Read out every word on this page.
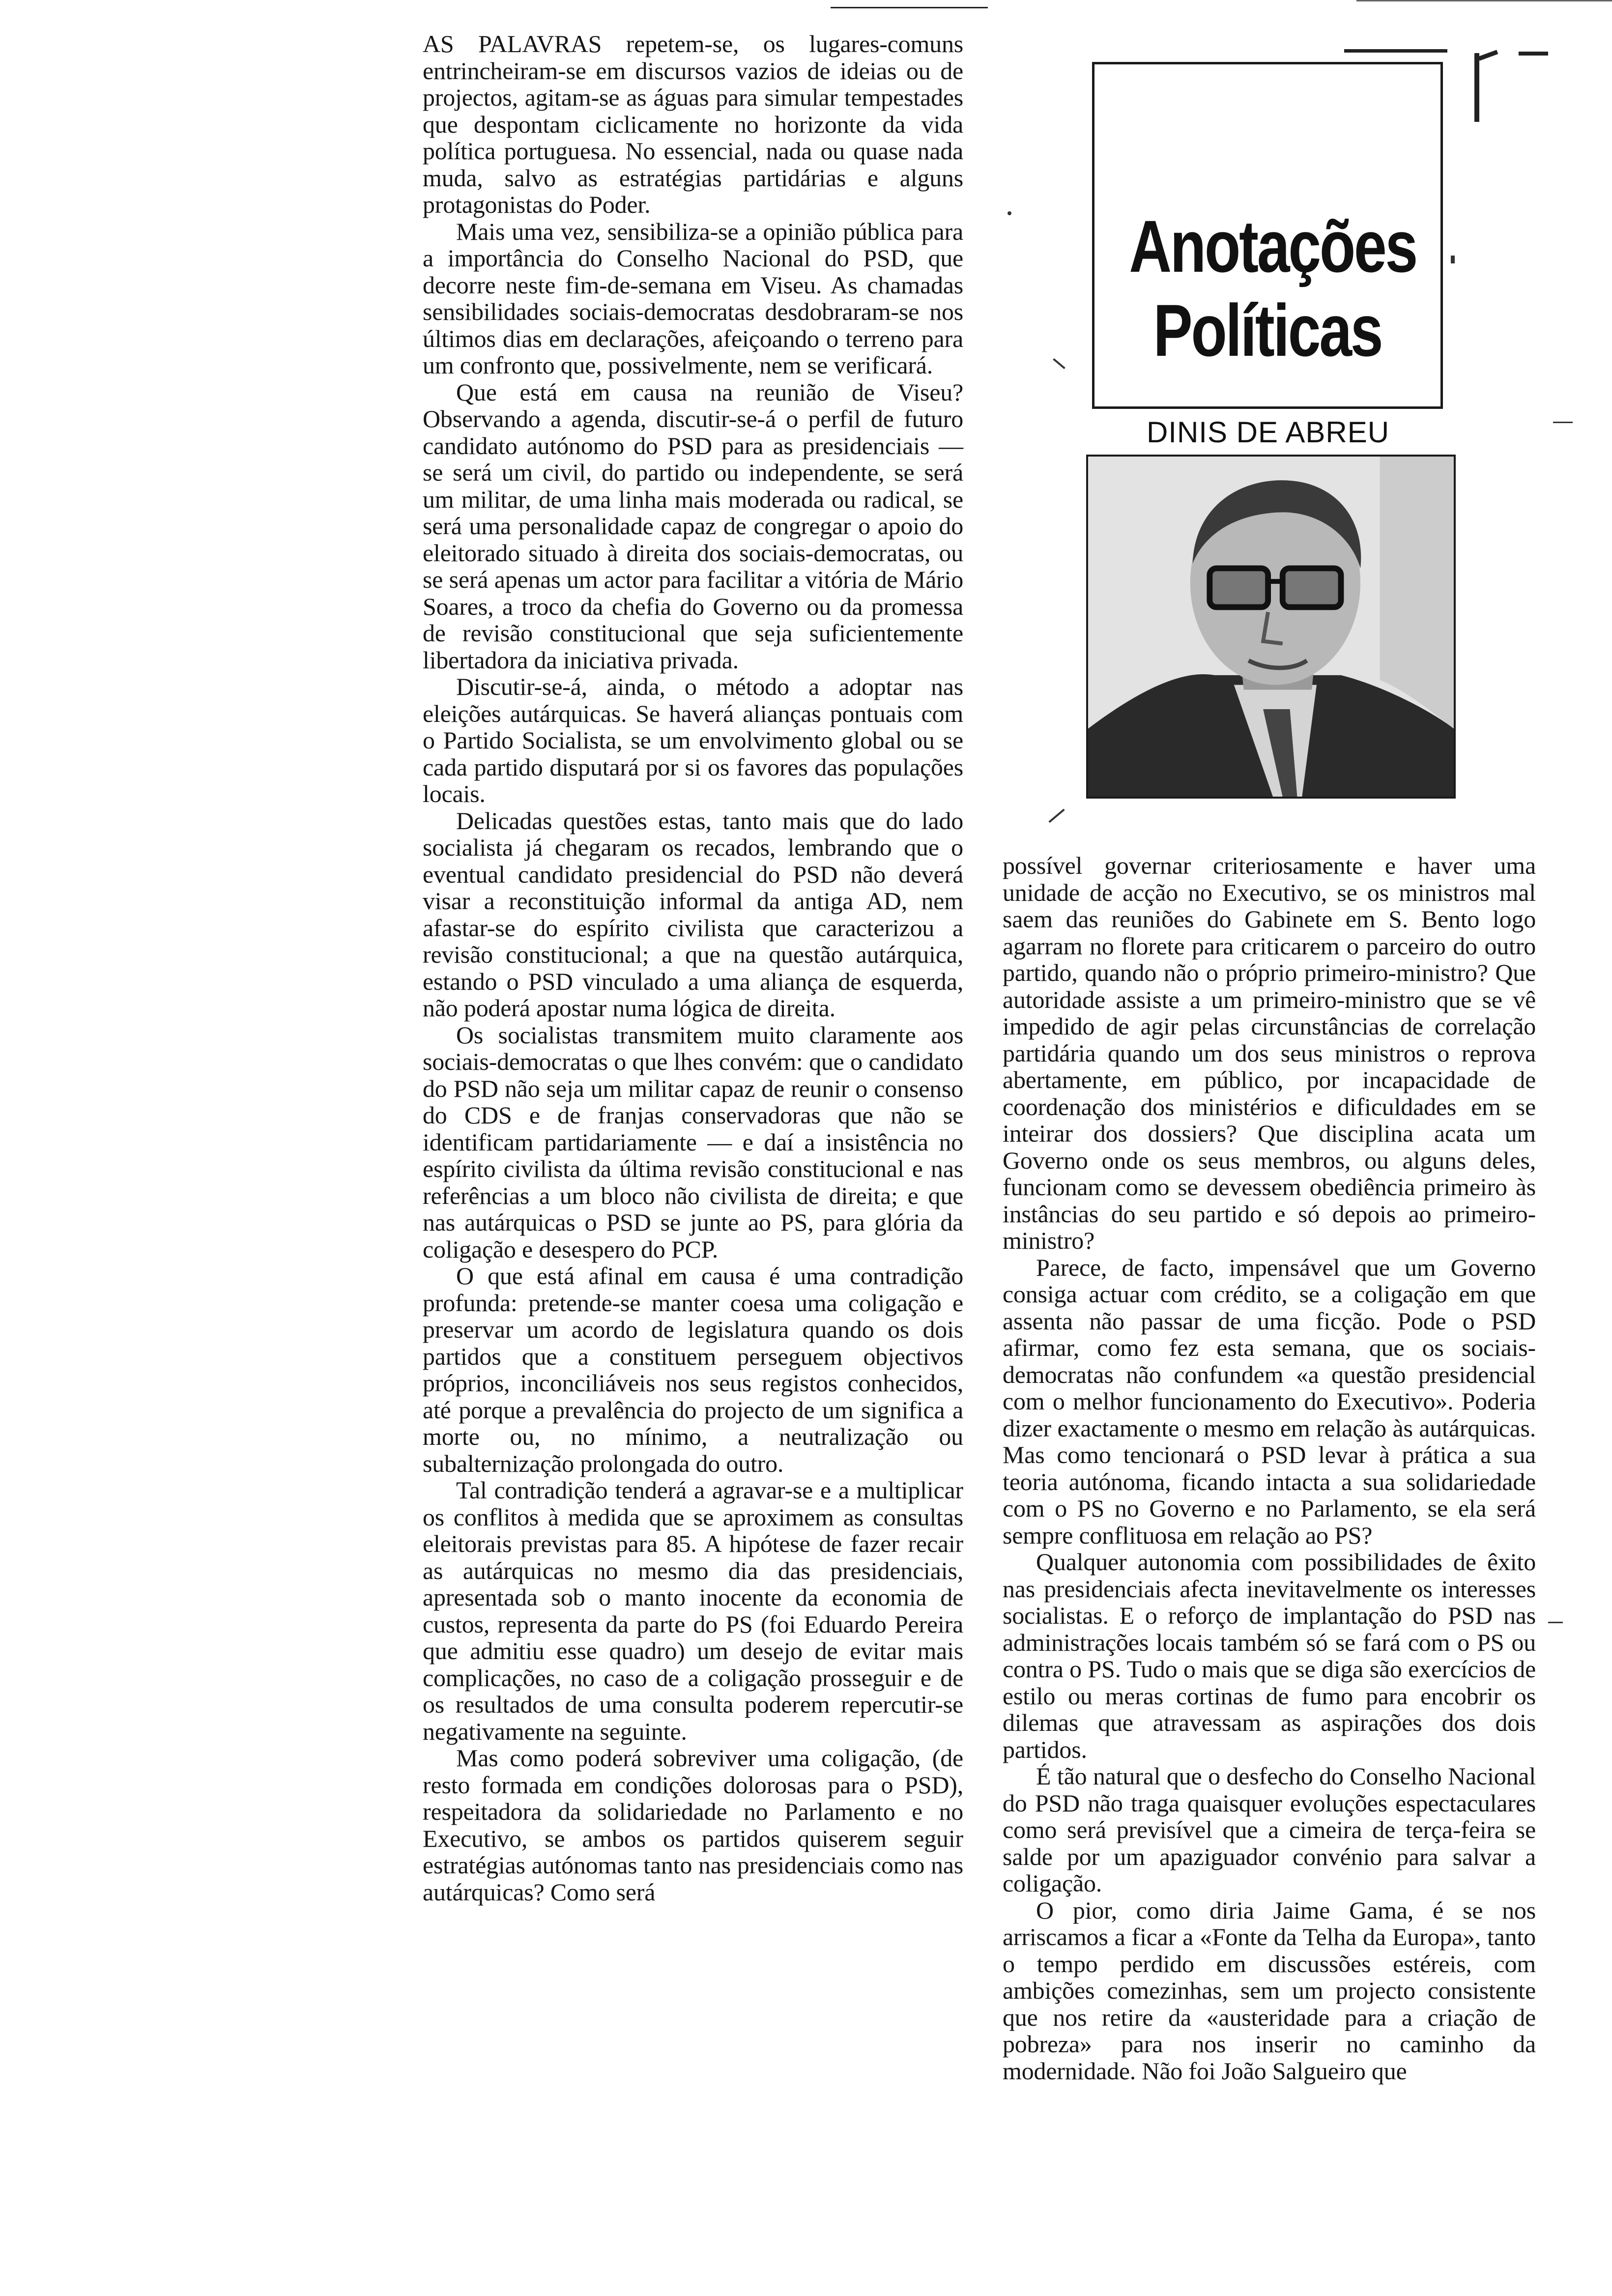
AS PALAVRAS repetem-se, os lugares-comuns entrincheiram-se em discursos vazios de ideias ou de projectos, agitam-se as águas para simular tempestades que despontam ciclicamente no horizonte da vida política portuguesa. No essencial, nada ou quase nada muda, salvo as estratégias partidárias e alguns protagonistas do Poder.

Mais uma vez, sensibiliza-se a opinião pública para a importância do Conselho Nacional do PSD, que decorre neste fim-de-semana em Viseu. As chamadas sensibilidades sociais-democratas desdobraram-se nos últimos dias em declarações, afeiçoando o terreno para um confronto que, possivelmente, nem se verificará.

Que está em causa na reunião de Viseu? Observando a agenda, discutir-se-á o perfil de futuro candidato autónomo do PSD para as presidenciais — se será um civil, do partido ou independente, se será um militar, de uma linha mais moderada ou radical, se será uma personalidade capaz de congregar o apoio do eleitorado situado à direita dos sociais-democratas, ou se será apenas um actor para facilitar a vitória de Mário Soares, a troco da chefia do Governo ou da promessa de revisão constitucional que seja suficientemente libertadora da iniciativa privada.

Discutir-se-á, ainda, o método a adoptar nas eleições autárquicas. Se haverá alianças pontuais com o Partido Socialista, se um envolvimento global ou se cada partido disputará por si os favores das populações locais.

Delicadas questões estas, tanto mais que do lado socialista já chegaram os recados, lembrando que o eventual candidato presidencial do PSD não deverá visar a reconstituição informal da antiga AD, nem afastar-se do espírito civilista que caracterizou a revisão constitucional; a que na questão autárquica, estando o PSD vinculado a uma aliança de esquerda, não poderá apostar numa lógica de direita.

Os socialistas transmitem muito claramente aos sociais-democratas o que lhes convém: que o candidato do PSD não seja um militar capaz de reunir o consenso do CDS e de franjas conservadoras que não se identificam partidariamente — e daí a insistência no espírito civilista da última revisão constitucional e nas referências a um bloco não civilista de direita; e que nas autárquicas o PSD se junte ao PS, para glória da coligação e desespero do PCP.

O que está afinal em causa é uma contradição profunda: pretende-se manter coesa uma coligação e preservar um acordo de legislatura quando os dois partidos que a constituem perseguem objectivos próprios, inconciliáveis nos seus registos conhecidos, até porque a prevalência do projecto de um significa a morte ou, no mínimo, a neutralização ou subalternização prolongada do outro.

Tal contradição tenderá a agravar-se e a multiplicar os conflitos à medida que se aproximem as consultas eleitorais previstas para 85. A hipótese de fazer recair as autárquicas no mesmo dia das presidenciais, apresentada sob o manto inocente da economia de custos, representa da parte do PS (foi Eduardo Pereira que admitiu esse quadro) um desejo de evitar mais complicações, no caso de a coligação prosseguir e de os resultados de uma consulta poderem repercutir-se negativamente na seguinte.

Mas como poderá sobreviver uma coligação, (de resto formada em condições dolorosas para o PSD), respeitadora da solidariedade no Parlamento e no Executivo, se ambos os partidos quiserem seguir estratégias autónomas tanto nas presidenciais como nas autárquicas? Como será

Anotações
Políticas
DINIS DE ABREU

possível governar criteriosamente e haver uma unidade de acção no Executivo, se os ministros mal saem das reuniões do Gabinete em S. Bento logo agarram no florete para criticarem o parceiro do outro partido, quando não o próprio primeiro-ministro? Que autoridade assiste a um primeiro-ministro que se vê impedido de agir pelas circunstâncias de correlação partidária quando um dos seus ministros o reprova abertamente, em público, por incapacidade de coordenação dos ministérios e dificuldades em se inteirar dos dossiers? Que disciplina acata um Governo onde os seus membros, ou alguns deles, funcionam como se devessem obediência primeiro às instâncias do seu partido e só depois ao primeiro-ministro?

Parece, de facto, impensável que um Governo consiga actuar com crédito, se a coligação em que assenta não passar de uma ficção. Pode o PSD afirmar, como fez esta semana, que os sociais-democratas não confundem «a questão presidencial com o melhor funcionamento do Executivo». Poderia dizer exactamente o mesmo em relação às autárquicas. Mas como tencionará o PSD levar à prática a sua teoria autónoma, ficando intacta a sua solidariedade com o PS no Governo e no Parlamento, se ela será sempre conflituosa em relação ao PS?

Qualquer autonomia com possibilidades de êxito nas presidenciais afecta inevitavelmente os interesses socialistas. E o reforço de implantação do PSD nas administrações locais também só se fará com o PS ou contra o PS. Tudo o mais que se diga são exercícios de estilo ou meras cortinas de fumo para encobrir os dilemas que atravessam as aspirações dos dois partidos.

É tão natural que o desfecho do Conselho Nacional do PSD não traga quaisquer evoluções espectaculares como será previsível que a cimeira de terça-feira se salde por um apaziguador convénio para salvar a coligação.

O pior, como diria Jaime Gama, é se nos arriscamos a ficar a «Fonte da Telha da Europa», tanto o tempo perdido em discussões estéreis, com ambições comezinhas, sem um projecto consistente que nos retire da «austeridade para a criação de pobreza» para nos inserir no caminho da modernidade. Não foi João Salgueiro que
